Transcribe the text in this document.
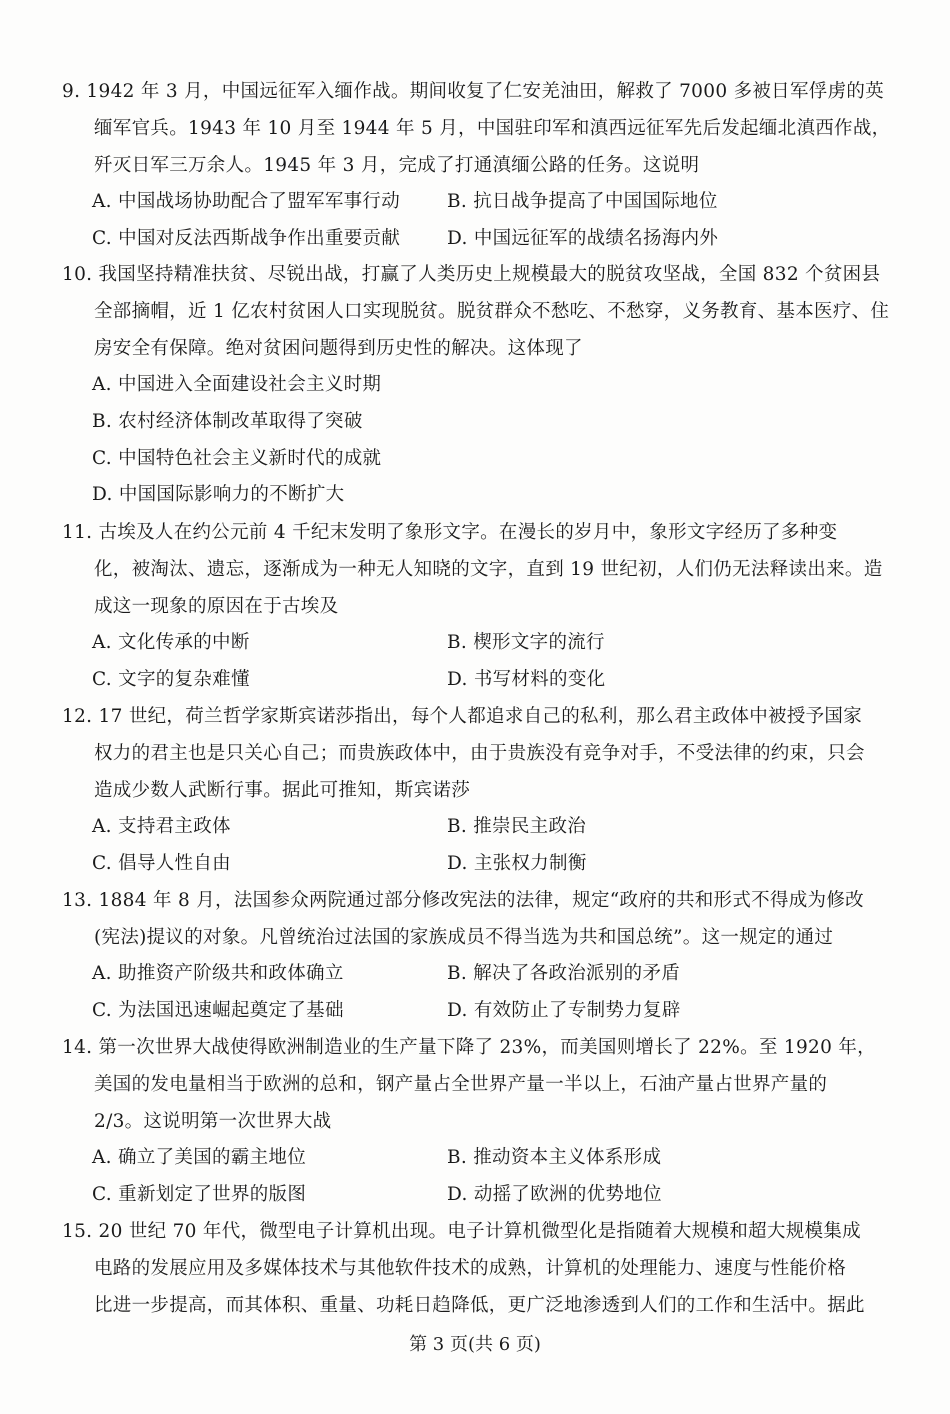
9. 1942 年 3 月，中国远征军入缅作战。期间收复了仁安羌油田，解救了 7000 多被日军俘虏的英
缅军官兵。1943 年 10 月至 1944 年 5 月，中国驻印军和滇西远征军先后发起缅北滇西作战，
歼灭日军三万余人。1945 年 3 月，完成了打通滇缅公路的任务。这说明
A. 中国战场协助配合了盟军军事行动	B. 抗日战争提高了中国国际地位
C. 中国对反法西斯战争作出重要贡献	D. 中国远征军的战绩名扬海内外
10. 我国坚持精准扶贫、尽锐出战，打赢了人类历史上规模最大的脱贫攻坚战，全国 832 个贫困县
全部摘帽，近 1 亿农村贫困人口实现脱贫。脱贫群众不愁吃、不愁穿，义务教育、基本医疗、住
房安全有保障。绝对贫困问题得到历史性的解决。这体现了
A. 中国进入全面建设社会主义时期
B. 农村经济体制改革取得了突破
C. 中国特色社会主义新时代的成就
D. 中国国际影响力的不断扩大
11. 古埃及人在约公元前 4 千纪末发明了象形文字。在漫长的岁月中，象形文字经历了多种变
化，被淘汰、遗忘，逐渐成为一种无人知晓的文字，直到 19 世纪初，人们仍无法释读出来。造
成这一现象的原因在于古埃及
A. 文化传承的中断	B. 楔形文字的流行
C. 文字的复杂难懂	D. 书写材料的变化
12. 17 世纪，荷兰哲学家斯宾诺莎指出，每个人都追求自己的私利，那么君主政体中被授予国家
权力的君主也是只关心自己；而贵族政体中，由于贵族没有竞争对手，不受法律的约束，只会
造成少数人武断行事。据此可推知，斯宾诺莎
A. 支持君主政体	B. 推崇民主政治
C. 倡导人性自由	D. 主张权力制衡
13. 1884 年 8 月，法国参众两院通过部分修改宪法的法律，规定“政府的共和形式不得成为修改
(宪法)提议的对象。凡曾统治过法国的家族成员不得当选为共和国总统”。这一规定的通过
A. 助推资产阶级共和政体确立	B. 解决了各政治派别的矛盾
C. 为法国迅速崛起奠定了基础	D. 有效防止了专制势力复辟
14. 第一次世界大战使得欧洲制造业的生产量下降了 23%，而美国则增长了 22%。至 1920 年，
美国的发电量相当于欧洲的总和，钢产量占全世界产量一半以上，石油产量占世界产量的
2/3。这说明第一次世界大战
A. 确立了美国的霸主地位	B. 推动资本主义体系形成
C. 重新划定了世界的版图	D. 动摇了欧洲的优势地位
15. 20 世纪 70 年代，微型电子计算机出现。电子计算机微型化是指随着大规模和超大规模集成
电路的发展应用及多媒体技术与其他软件技术的成熟，计算机的处理能力、速度与性能价格
比进一步提高，而其体积、重量、功耗日趋降低，更广泛地渗透到人们的工作和生活中。据此
第 3 页(共 6 页)
